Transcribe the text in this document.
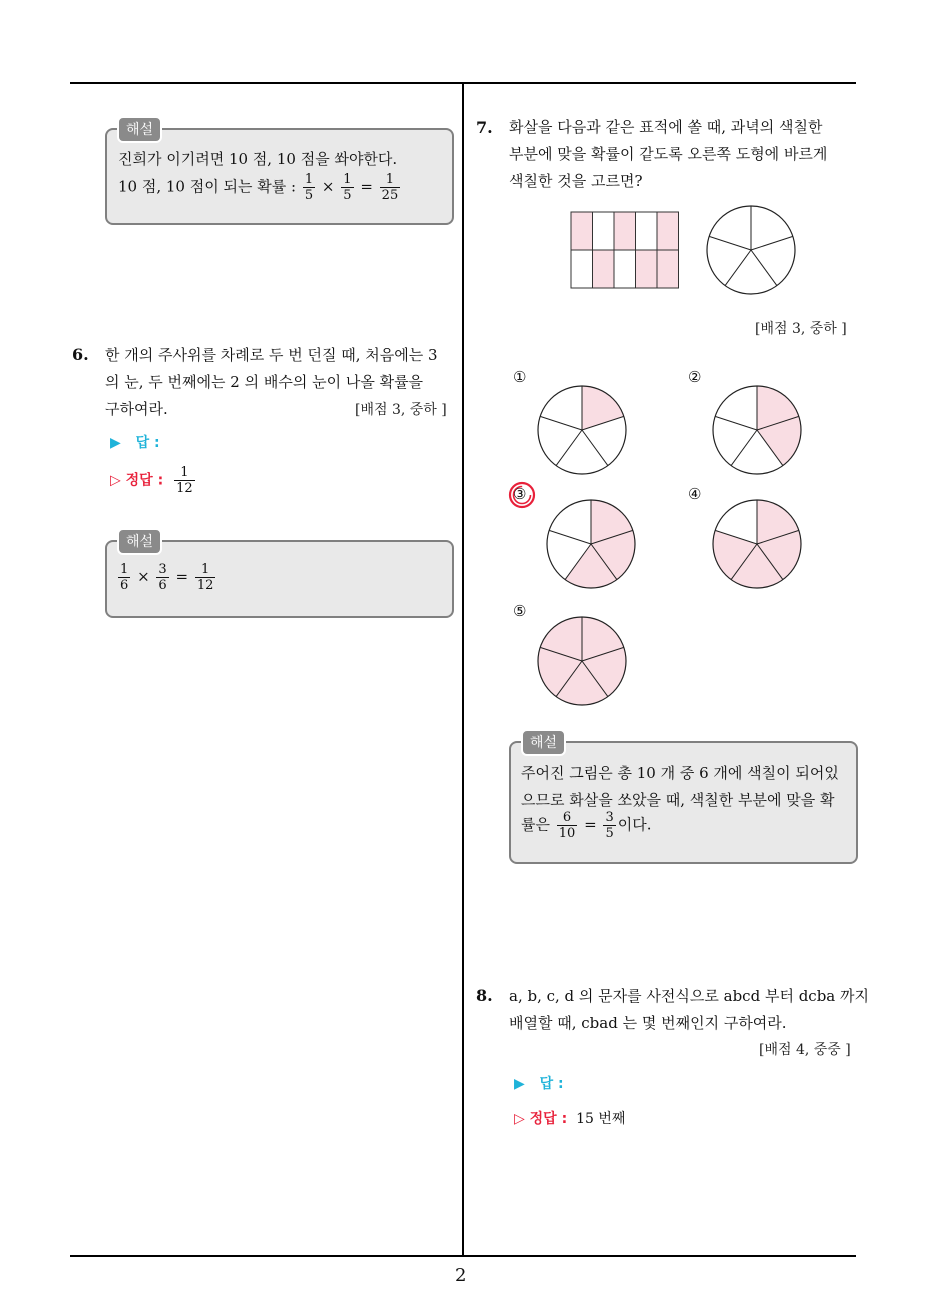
2
해설
진희가 이기려면 10 점, 10 점을 쏴야한다.
10 점, 10 점이 되는 확률 : $\frac{1}{5} \times \frac{1}{5} = \frac{1}{25}$
6. 한 개의 주사위를 차례로 두 번 던질 때, 처음에는 3
의 눈, 두 번째에는 2 의 배수의 눈이 나올 확률을
구하여라.	[배점 3, 중하 ]
▶ 답 :
▷ 정답 : $\frac{1}{12}$
해설
$\frac{1}{6} \times \frac{3}{6} = \frac{1}{12}$
7. 화살을 다음과 같은 표적에 쏠 때, 과녁의 색칠한
부분에 맞을 확률이 같도록 오른쪽 도형에 바르게
색칠한 것을 고르면?
[배점 3, 중하 ]
①	②
③	④
⑤
해설
주어진 그림은 총 10 개 중 6 개에 색칠이 되어있
으므로 화살을 쏘았을 때, 색칠한 부분에 맞을 확
률은 $\frac{6}{10} = \frac{3}{5}$ 이다.
8. a, b, c, d 의 문자를 사전식으로 abcd 부터 dcba 까지
배열할 때, cbad 는 몇 번째인지 구하여라.
[배점 4, 중중 ]
▶ 답 :
▷ 정답 : 15 번째
